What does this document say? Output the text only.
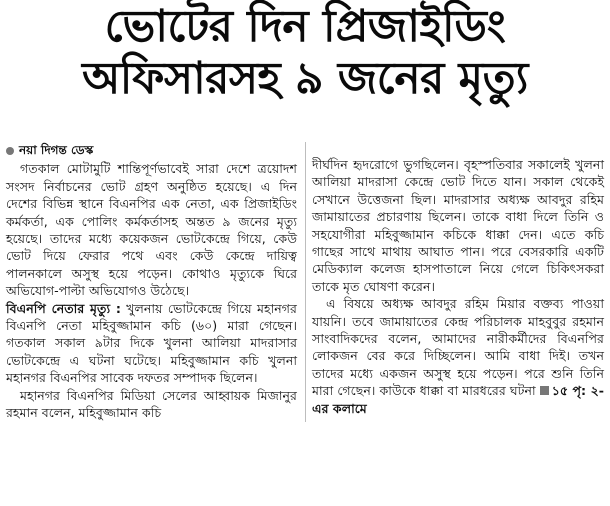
ভোটের দিন প্রিজাইডিং
অফিসারসহ ৯ জনের মৃত্যু
নয়া দিগন্ত ডেস্ক

গতকাল মোটামুটি শান্তিপূর্ণভাবেই সারা দেশে ত্রয়োদশ সংসদ নির্বাচনের ভোট গ্রহণ অনুষ্ঠিত হয়েছে। এ দিন দেশের বিভিন্ন স্থানে বিএনপির এক নেতা, এক প্রিজাইডিং কর্মকর্তা, এক পোলিং কর্মকর্তাসহ অন্তত ৯ জনের মৃত্যু হয়েছে। তাদের মধ্যে কয়েকজন ভোটকেন্দ্রে গিয়ে, কেউ ভোট দিয়ে ফেরার পথে এবং কেউ কেন্দ্রে দায়িত্ব পালনকালে অসুস্থ হয়ে পড়েন। কোথাও মৃত্যুকে ঘিরে অভিযোগ-পাল্টা অভিযোগও উঠেছে।

বিএনপি নেতার মৃত্যু : খুলনায় ভোটকেন্দ্রে গিয়ে মহানগর বিএনপি নেতা মহিবুজ্জামান কচি (৬০) মারা গেছেন। গতকাল সকাল ৯টার দিকে খুলনা আলিয়া মাদরাসার ভোটকেন্দ্রে এ ঘটনা ঘটেছে। মহিবুজ্জামান কচি খুলনা মহানগর বিএনপির সাবেক দফতর সম্পাদক ছিলেন।

মহানগর বিএনপির মিডিয়া সেলের আহ্বায়ক মিজানুর রহমান বলেন, মহিবুজ্জামান কচি

দীর্ঘদিন হৃদরোগে ভুগছিলেন। বৃহস্পতিবার সকালেই খুলনা আলিয়া মাদরাসা কেন্দ্রে ভোট দিতে যান। সকাল থেকেই সেখানে উত্তেজনা ছিল। মাদরাসার অধ্যক্ষ আবদুর রহিম জামায়াতের প্রচারণায় ছিলেন। তাকে বাধা দিলে তিনি ও সহযোগীরা মহিবুজ্জামান কচিকে ধাক্কা দেন। এতে কচি গাছের সাথে মাথায় আঘাত পান। পরে বেসরকারি একটি মেডিক্যাল কলেজ হাসপাতালে নিয়ে গেলে চিকিৎসকরা তাকে মৃত ঘোষণা করেন।

এ বিষয়ে অধ্যক্ষ আবদুর রহিম মিয়ার বক্তব্য পাওয়া যায়নি। তবে জামায়াতের কেন্দ্র পরিচালক মাহবুবুর রহমান সাংবাদিকদের বলেন, আমাদের নারীকর্মীদের বিএনপির লোকজন বের করে দিচ্ছিলেন। আমি বাধা দিই। তখন তাদের মধ্যে একজন অসুস্থ হয়ে পড়েন। পরে শুনি তিনি মারা গেছেন। কাউকে ধাক্কা বা মারধরের ঘটনা ১৫ পৃ: ২-এর কলামে
